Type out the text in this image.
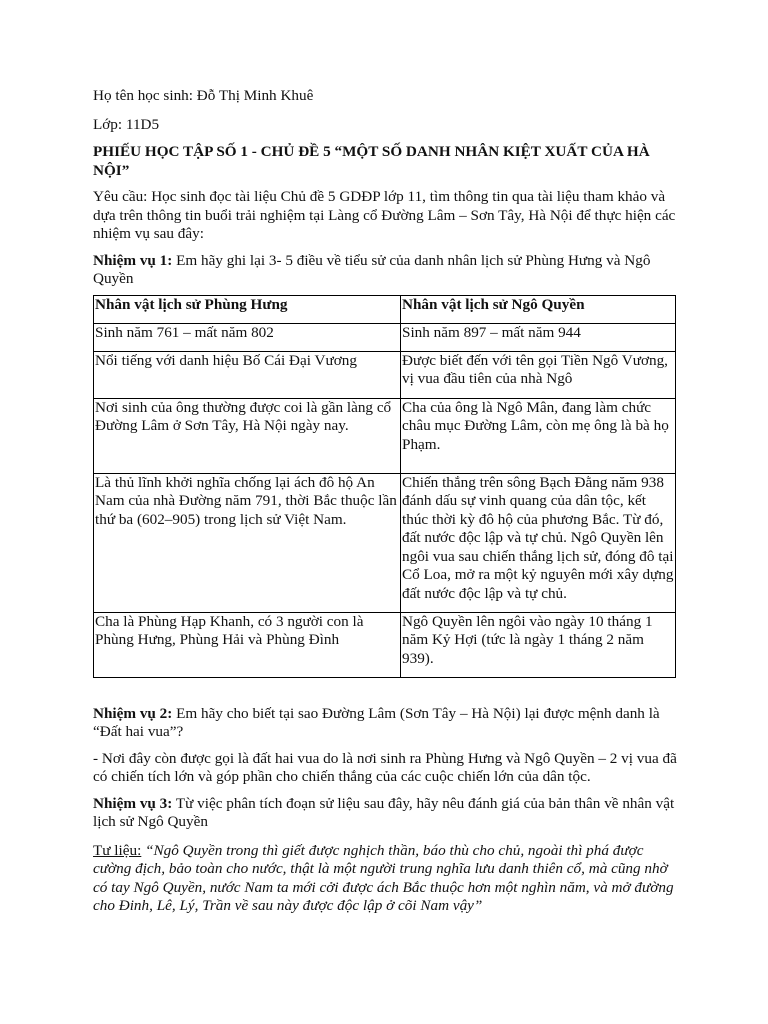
Họ tên học sinh: Đỗ Thị Minh Khuê

Lớp: 11D5

PHIẾU HỌC TẬP SỐ 1 - CHỦ ĐỀ 5 “MỘT SỐ DANH NHÂN KIỆT XUẤT CỦA HÀ NỘI”

Yêu cầu: Học sinh đọc tài liệu Chủ đề 5 GDĐP lớp 11, tìm thông tin qua tài liệu tham khảo và dựa trên thông tin buổi trải nghiệm tại Làng cổ Đường Lâm – Sơn Tây, Hà Nội để thực hiện các nhiệm vụ sau đây:

Nhiệm vụ 1: Em hãy ghi lại 3- 5 điều về tiểu sử của danh nhân lịch sử Phùng Hưng và Ngô Quyền

Nhân vật lịch sử Phùng Hưng	Nhân vật lịch sử Ngô Quyền
Sinh năm 761 – mất năm 802	Sinh năm 897 – mất năm 944
Nổi tiếng với danh hiệu Bố Cái Đại Vương	Được biết đến với tên gọi Tiền Ngô Vương, vị vua đầu tiên của nhà Ngô
Nơi sinh của ông thường được coi là gần làng cổ Đường Lâm ở Sơn Tây, Hà Nội ngày nay.	Cha của ông là Ngô Mân, đang làm chức châu mục Đường Lâm, còn mẹ ông là bà họ Phạm.
Là thủ lĩnh khởi nghĩa chống lại ách đô hộ An Nam của nhà Đường năm 791, thời Bắc thuộc lần thứ ba (602–905) trong lịch sử Việt Nam.	Chiến thắng trên sông Bạch Đằng năm 938 đánh dấu sự vinh quang của dân tộc, kết thúc thời kỳ đô hộ của phương Bắc. Từ đó, đất nước độc lập và tự chủ. Ngô Quyền lên ngôi vua sau chiến thắng lịch sử, đóng đô tại Cổ Loa, mở ra một kỷ nguyên mới xây dựng đất nước độc lập và tự chủ.
Cha là Phùng Hạp Khanh, có 3 người con là Phùng Hưng, Phùng Hải và Phùng Đình	Ngô Quyền lên ngôi vào ngày 10 tháng 1 năm Kỷ Hợi (tức là ngày 1 tháng 2 năm 939).

Nhiệm vụ 2: Em hãy cho biết tại sao Đường Lâm (Sơn Tây – Hà Nội) lại được mệnh danh là “Đất hai vua”?

- Nơi đây còn được gọi là đất hai vua do là nơi sinh ra Phùng Hưng và Ngô Quyền – 2 vị vua đã có chiến tích lớn và góp phần cho chiến thắng của các cuộc chiến lớn của dân tộc.

Nhiệm vụ 3: Từ việc phân tích đoạn sử liệu sau đây, hãy nêu đánh giá của bản thân về nhân vật lịch sử Ngô Quyền

Tư liệu: “Ngô Quyền trong thì giết được nghịch thần, báo thù cho chủ, ngoài thì phá được cường địch, bảo toàn cho nước, thật là một người trung nghĩa lưu danh thiên cổ, mà cũng nhờ có tay Ngô Quyền, nước Nam ta mới cởi được ách Bắc thuộc hơn một nghìn năm, và mở đường cho Đinh, Lê, Lý, Trần về sau này được độc lập ở cõi Nam vậy”
